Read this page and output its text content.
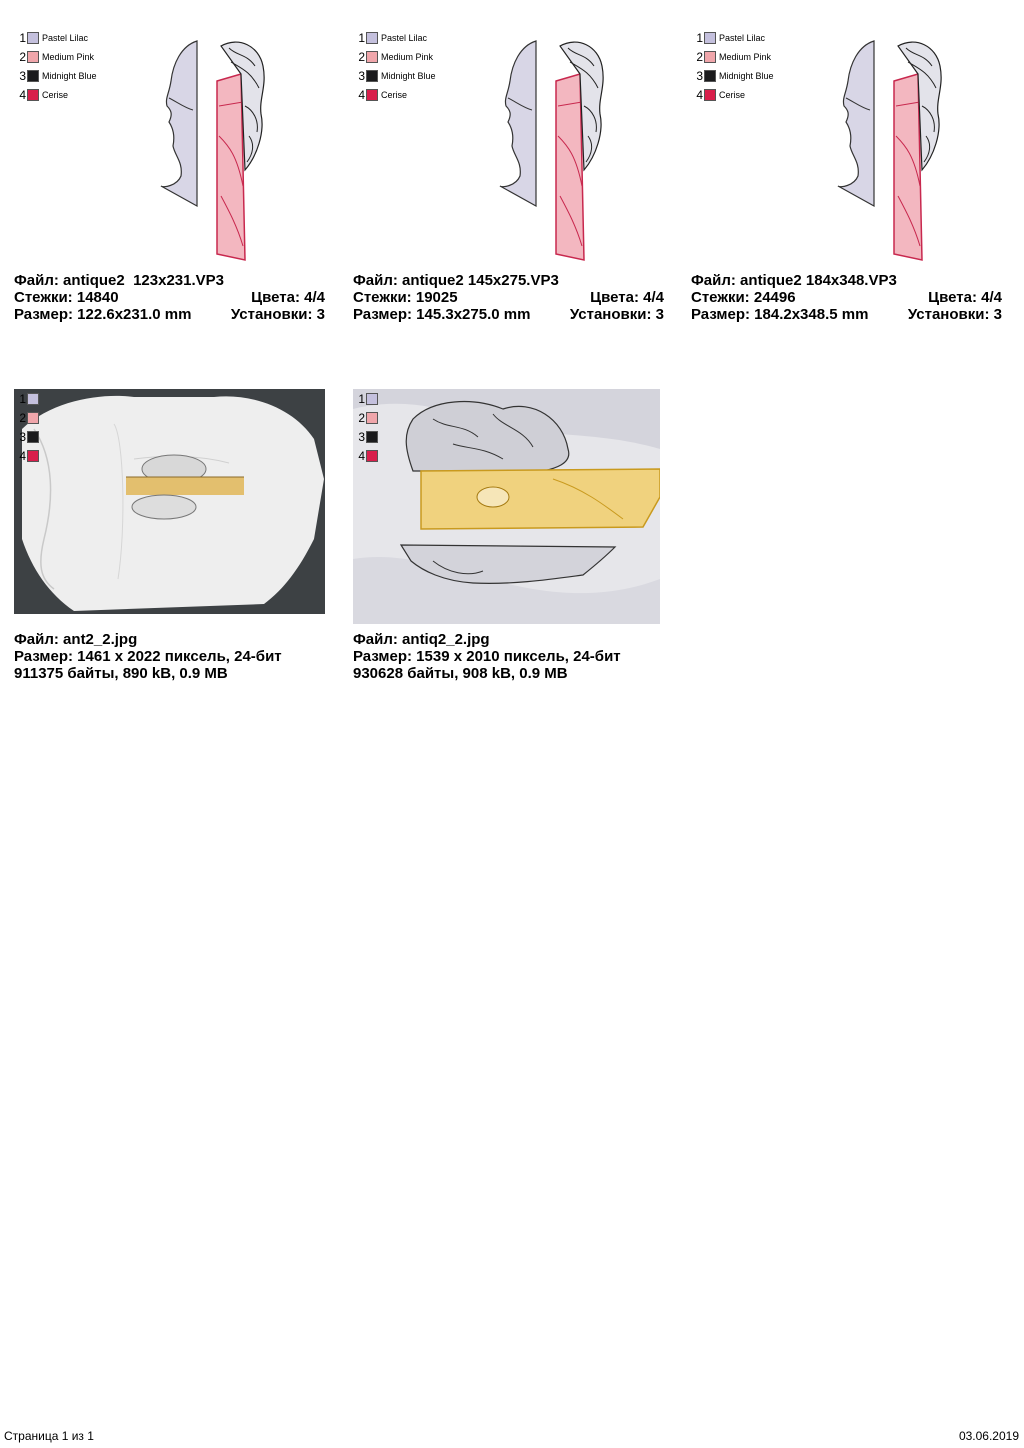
1 Pastel Lilac
2 Medium Pink
3 Midnight Blue
4 Cerise
Файл: antique2  123x231.VP3
Стежки: 14840	Цвета: 4/4
Размер: 122.6x231.0 mm	Установки: 3
1 Pastel Lilac
2 Medium Pink
3 Midnight Blue
4 Cerise
Файл: antique2 145x275.VP3
Стежки: 19025	Цвета: 4/4
Размер: 145.3x275.0 mm	Установки: 3
1 Pastel Lilac
2 Medium Pink
3 Midnight Blue
4 Cerise
Файл: antique2 184x348.VP3
Стежки: 24496	Цвета: 4/4
Размер: 184.2x348.5 mm	Установки: 3
1
2
3
4
Файл: ant2_2.jpg
Размер: 1461 x 2022 пиксель, 24-бит
911375 байты, 890 kB, 0.9 MB
1
2
3
4
Файл: antiq2_2.jpg
Размер: 1539 x 2010 пиксель, 24-бит
930628 байты, 908 kB, 0.9 MB
Страница 1 из 1	03.06.2019
